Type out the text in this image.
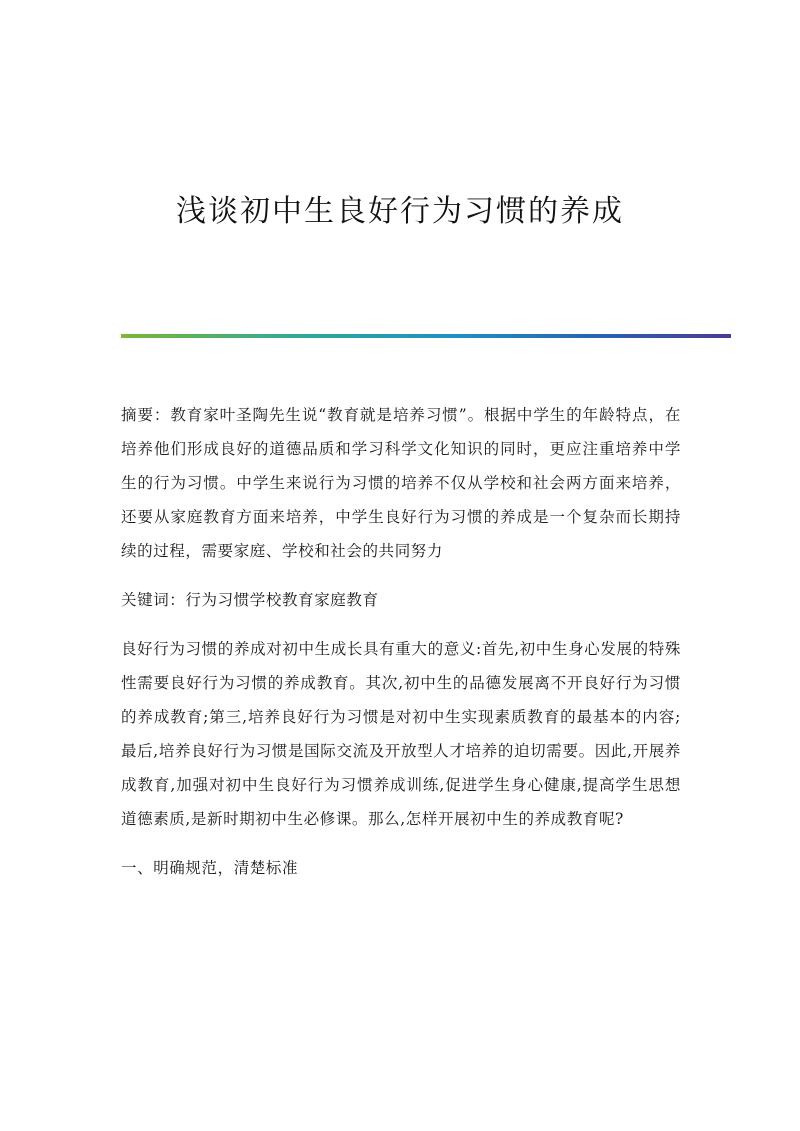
浅谈初中生良好行为习惯的养成

摘要：教育家叶圣陶先生说“教育就是培养习惯”。根据中学生的年龄特点，在培养他们形成良好的道德品质和学习科学文化知识的同时，更应注重培养中学生的行为习惯。中学生来说行为习惯的培养不仅从学校和社会两方面来培养，还要从家庭教育方面来培养，中学生良好行为习惯的养成是一个复杂而长期持续的过程，需要家庭、学校和社会的共同努力

关键词：行为习惯学校教育家庭教育

良好行为习惯的养成对初中生成长具有重大的意义:首先,初中生身心发展的特殊性需要良好行为习惯的养成教育。其次,初中生的品德发展离不开良好行为习惯的养成教育;第三,培养良好行为习惯是对初中生实现素质教育的最基本的内容;最后,培养良好行为习惯是国际交流及开放型人才培养的迫切需要。因此,开展养成教育,加强对初中生良好行为习惯养成训练,促进学生身心健康,提高学生思想道德素质,是新时期初中生必修课。那么,怎样开展初中生的养成教育呢?

一、明确规范，清楚标准
